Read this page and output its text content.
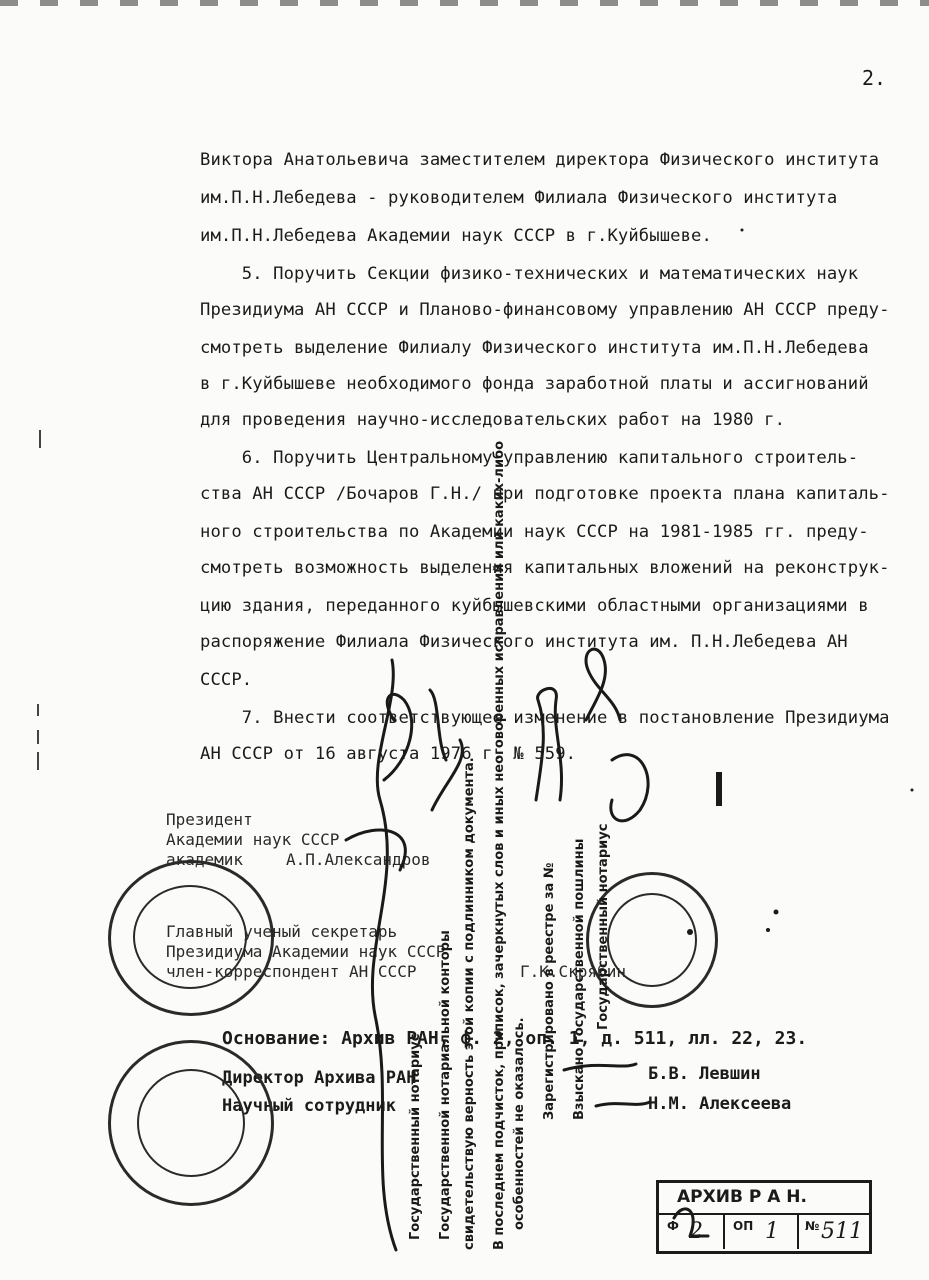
2.
Виктора Анатольевича заместителем директора Физического института
им.П.Н.Лебедева - руководителем Филиала Физического института
им.П.Н.Лебедева Академии наук СССР в г.Куйбышеве.
5. Поручить Секции физико-технических и математических наук
Президиума АН СССР и Планово-финансовому управлению АН СССР преду-
смотреть выделение Филиалу Физического института им.П.Н.Лебедева
в г.Куйбышеве необходимого фонда заработной платы и ассигнований
для проведения научно-исследовательских работ на 1980 г.
6. Поручить Центральному управлению капитального строитель-
ства АН СССР /Бочаров Г.Н./ при подготовке проекта плана капиталь-
ного строительства по Академии наук СССР на 1981-1985 гг. преду-
смотреть возможность выделения капитальных вложений на реконструк-
цию здания, переданного куйбышевскими областными организациями в
распоряжение Филиала Физического института им. П.Н.Лебедева АН
СССР.
7. Внести соответствующее изменение в постановление Президиума
АН СССР от 16 августа 1976 г. № 559.
Президент
Академии наук СССР
академик	А.П.Александров
Главный ученый секретарь
Президиума Академии наук СССР
член-корреспондент АН СССР	Г.К.Скрябин
Основание: Архив РАН, ф. 2, оп. 1, д. 511, лл. 22, 23.
Директор Архива РАН	Б.В. Левшин
Научный сотрудник	Н.М. Алексеева
Государственный нотариус Государственной нотариальной конторы свидетельствую верность этой копии с подлинником документа. В последнем подчисток, приписок, зачеркнутых слов и иных неоговоренных исправлений или каких-либо особенностей не оказалось.
Зарегистрировано в реестре за № Взыскано государственной пошлины Государственный нотариус
АРХИВ Р А Н.
Ф 2	ОП 1 № 511
